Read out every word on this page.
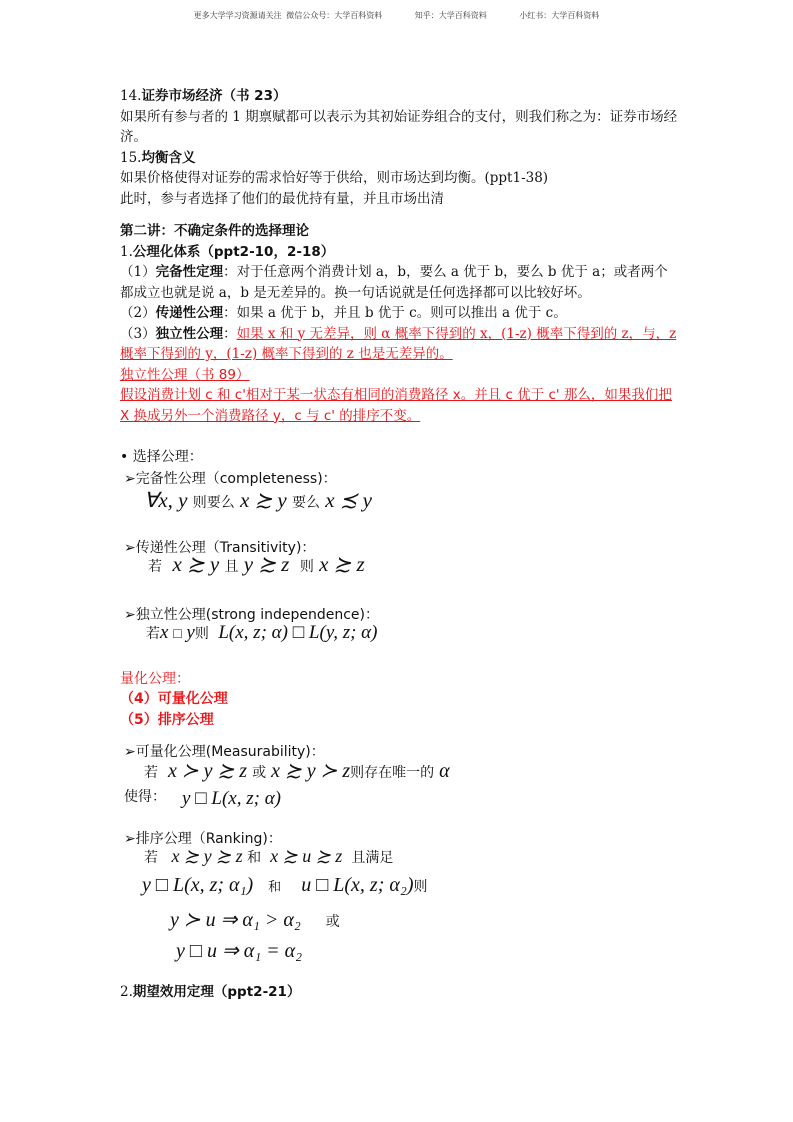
更多大学学习资源请关注 微信公众号：大学百科资料	知乎：大学百科资料	小红书：大学百科资料

14.证券市场经济（书 23）

如果所有参与者的 1 期禀赋都可以表示为其初始证券组合的支付，则我们称之为：证券市场经济。

15.均衡含义

如果价格使得对证券的需求恰好等于供给，则市场达到均衡。(ppt1-38)

此时，参与者选择了他们的最优持有量，并且市场出清

第二讲：不确定条件的选择理论

1.公理化体系（ppt2-10，2-18）

（1）完备性定理：对于任意两个消费计划 a，b，要么 a 优于 b，要么 b 优于 a；或者两个都成立也就是说 a，b 是无差异的。换一句话说就是任何选择都可以比较好坏。

（2）传递性公理：如果 a 优于 b，并且 b 优于 c。则可以推出 a 优于 c。

（3）独立性公理：如果 x 和 y 无差异，则 α 概率下得到的 x，(1-z) 概率下得到的 z，与，z 概率下得到的 y，(1-z) 概率下得到的 z 也是无差异的。

独立性公理（书 89）

假设消费计划 c 和 c'相对于某一状态有相同的消费路径 x。并且 c 优于 c' 那么，如果我们把 X 换成另外一个消费路径 y，c 与 c' 的排序不变。

• 选择公理：
➢完备性公理（completeness)：
∀x, y 则要么 x ≿ y 要么 x ≾ y
➢传递性公理（Transitivity)：
若 x ≿ y 且 y ≿ z 则 x ≿ z
➢独立性公理(strong independence)：
若x □ y则 L(x, z; α) □ L(y, z; α)
量化公理：
（4）可量化公理
（5）排序公理
➢可量化公理(Measurability)：
若 x ≻ y ≿ z 或 x ≿ y ≻ z则存在唯一的 α
使得： y □ L(x, z; α)
➢排序公理（Ranking)：
若 x ≿ y ≿ z 和 x ≿ u ≿ z 且满足
y □ L(x, z; α₁) 和 u □ L(x, z; α₂)则
y ≻ u ⇒ α₁ > α₂ 或
y □ u ⇒ α₁ = α₂
2.期望效用定理（ppt2-21）
